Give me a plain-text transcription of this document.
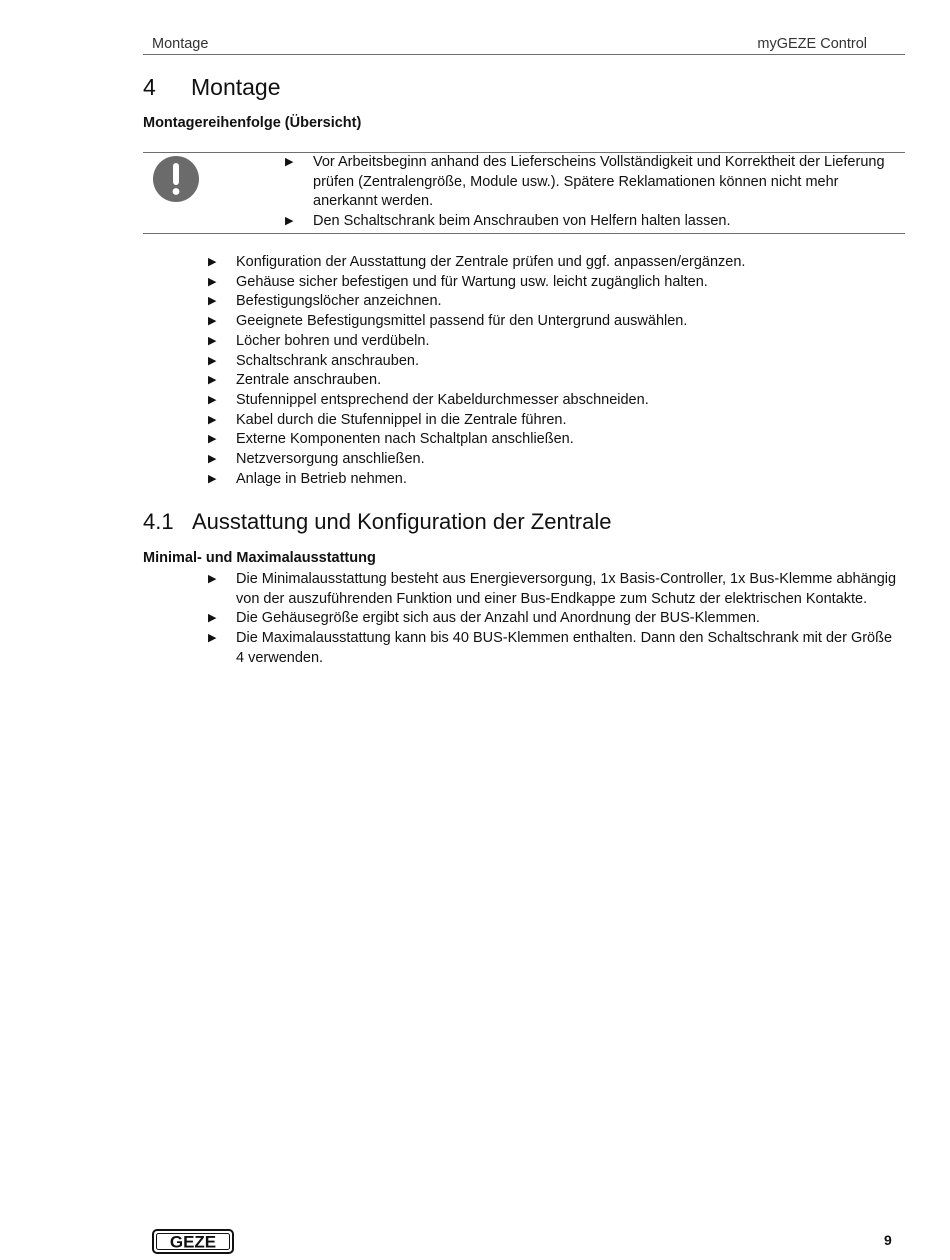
Montage	myGEZE Control
4 Montage
Montagereihenfolge (Übersicht)
▶ Vor Arbeitsbeginn anhand des Lieferscheins Vollständigkeit und Korrektheit der Lieferung prüfen (Zentralengröße, Module usw.). Spätere Reklamationen können nicht mehr anerkannt werden.
▶ Den Schaltschrank beim Anschrauben von Helfern halten lassen.
▶ Konfiguration der Ausstattung der Zentrale prüfen und ggf. anpassen/ergänzen.
▶ Gehäuse sicher befestigen und für Wartung usw. leicht zugänglich halten.
▶ Befestigungslöcher anzeichnen.
▶ Geeignete Befestigungsmittel passend für den Untergrund auswählen.
▶ Löcher bohren und verdübeln.
▶ Schaltschrank anschrauben.
▶ Zentrale anschrauben.
▶ Stufennippel entsprechend der Kabeldurchmesser abschneiden.
▶ Kabel durch die Stufennippel in die Zentrale führen.
▶ Externe Komponenten nach Schaltplan anschließen.
▶ Netzversorgung anschließen.
▶ Anlage in Betrieb nehmen.
4.1 Ausstattung und Konfiguration der Zentrale
Minimal- und Maximalausstattung
▶ Die Minimalausstattung besteht aus Energieversorgung, 1x Basis-Controller, 1x Bus-Klemme abhängig von der auszuführenden Funktion und einer Bus-Endkappe zum Schutz der elektrischen Kontakte.
▶ Die Gehäusegröße ergibt sich aus der Anzahl und Anordnung der BUS-Klemmen.
▶ Die Maximalausstattung kann bis 40 BUS-Klemmen enthalten. Dann den Schaltschrank mit der Größe 4 verwenden.
GEZE	9
